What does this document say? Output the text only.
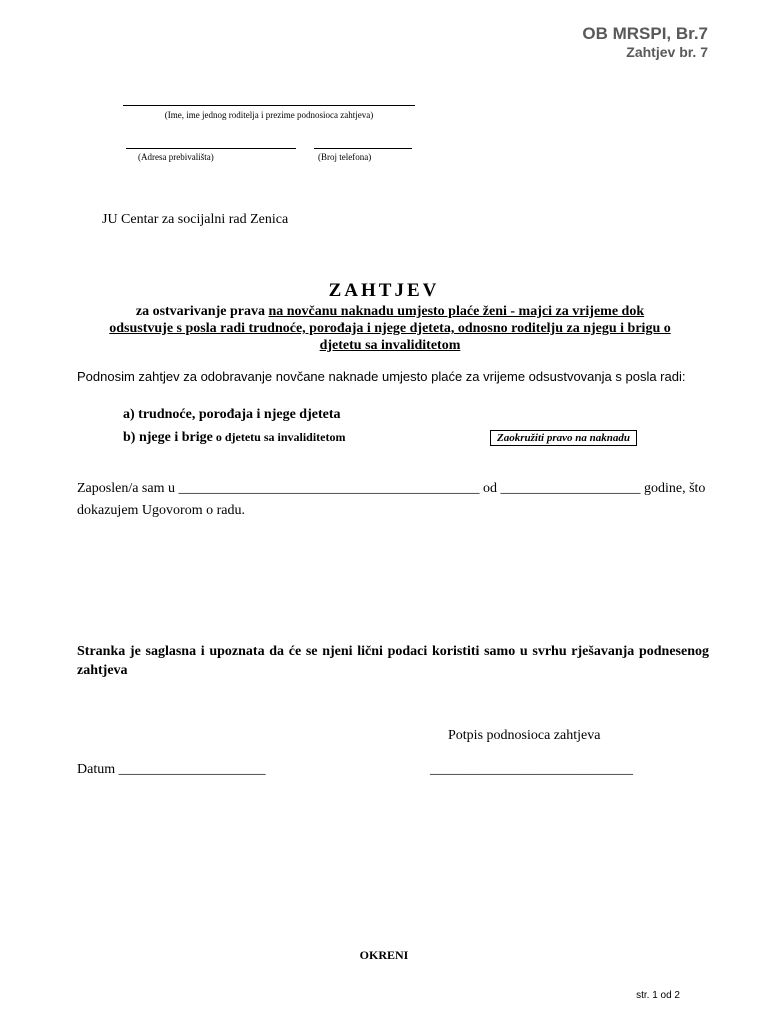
OB MRSPI, Br.7
Zahtjev br. 7
(Ime, ime jednog roditelja i prezime podnosioca zahtjeva)
(Adresa prebivališta)	(Broj telefona)
JU Centar za socijalni rad Zenica
ZAHTJEV
za ostvarivanje prava na novčanu naknadu umjesto plaće ženi - majci za vrijeme dok
odsustvuje s posla radi trudnoće, porođaja i njege djeteta, odnosno roditelju za njegu i brigu o
djetetu sa invaliditetom
Podnosim zahtjev za odobravanje novčane naknade umjesto plaće za vrijeme odsustvovanja s posla radi:
a) trudnoće, porođaja i njege djeteta
b) njege i brige o djetetu sa invaliditetom	Zaokružiti pravo na naknadu
Zaposlen/a sam u ___________________________________________ od ____________________ godine, što
dokazujem Ugovorom o radu.
Stranka je saglasna i upoznata da će se njeni lični podaci koristiti samo u svrhu rješavanja podnesenog zahtjeva
Potpis podnosioca zahtjeva
Datum _____________________	_____________________________
OKRENI
str. 1 od 2
